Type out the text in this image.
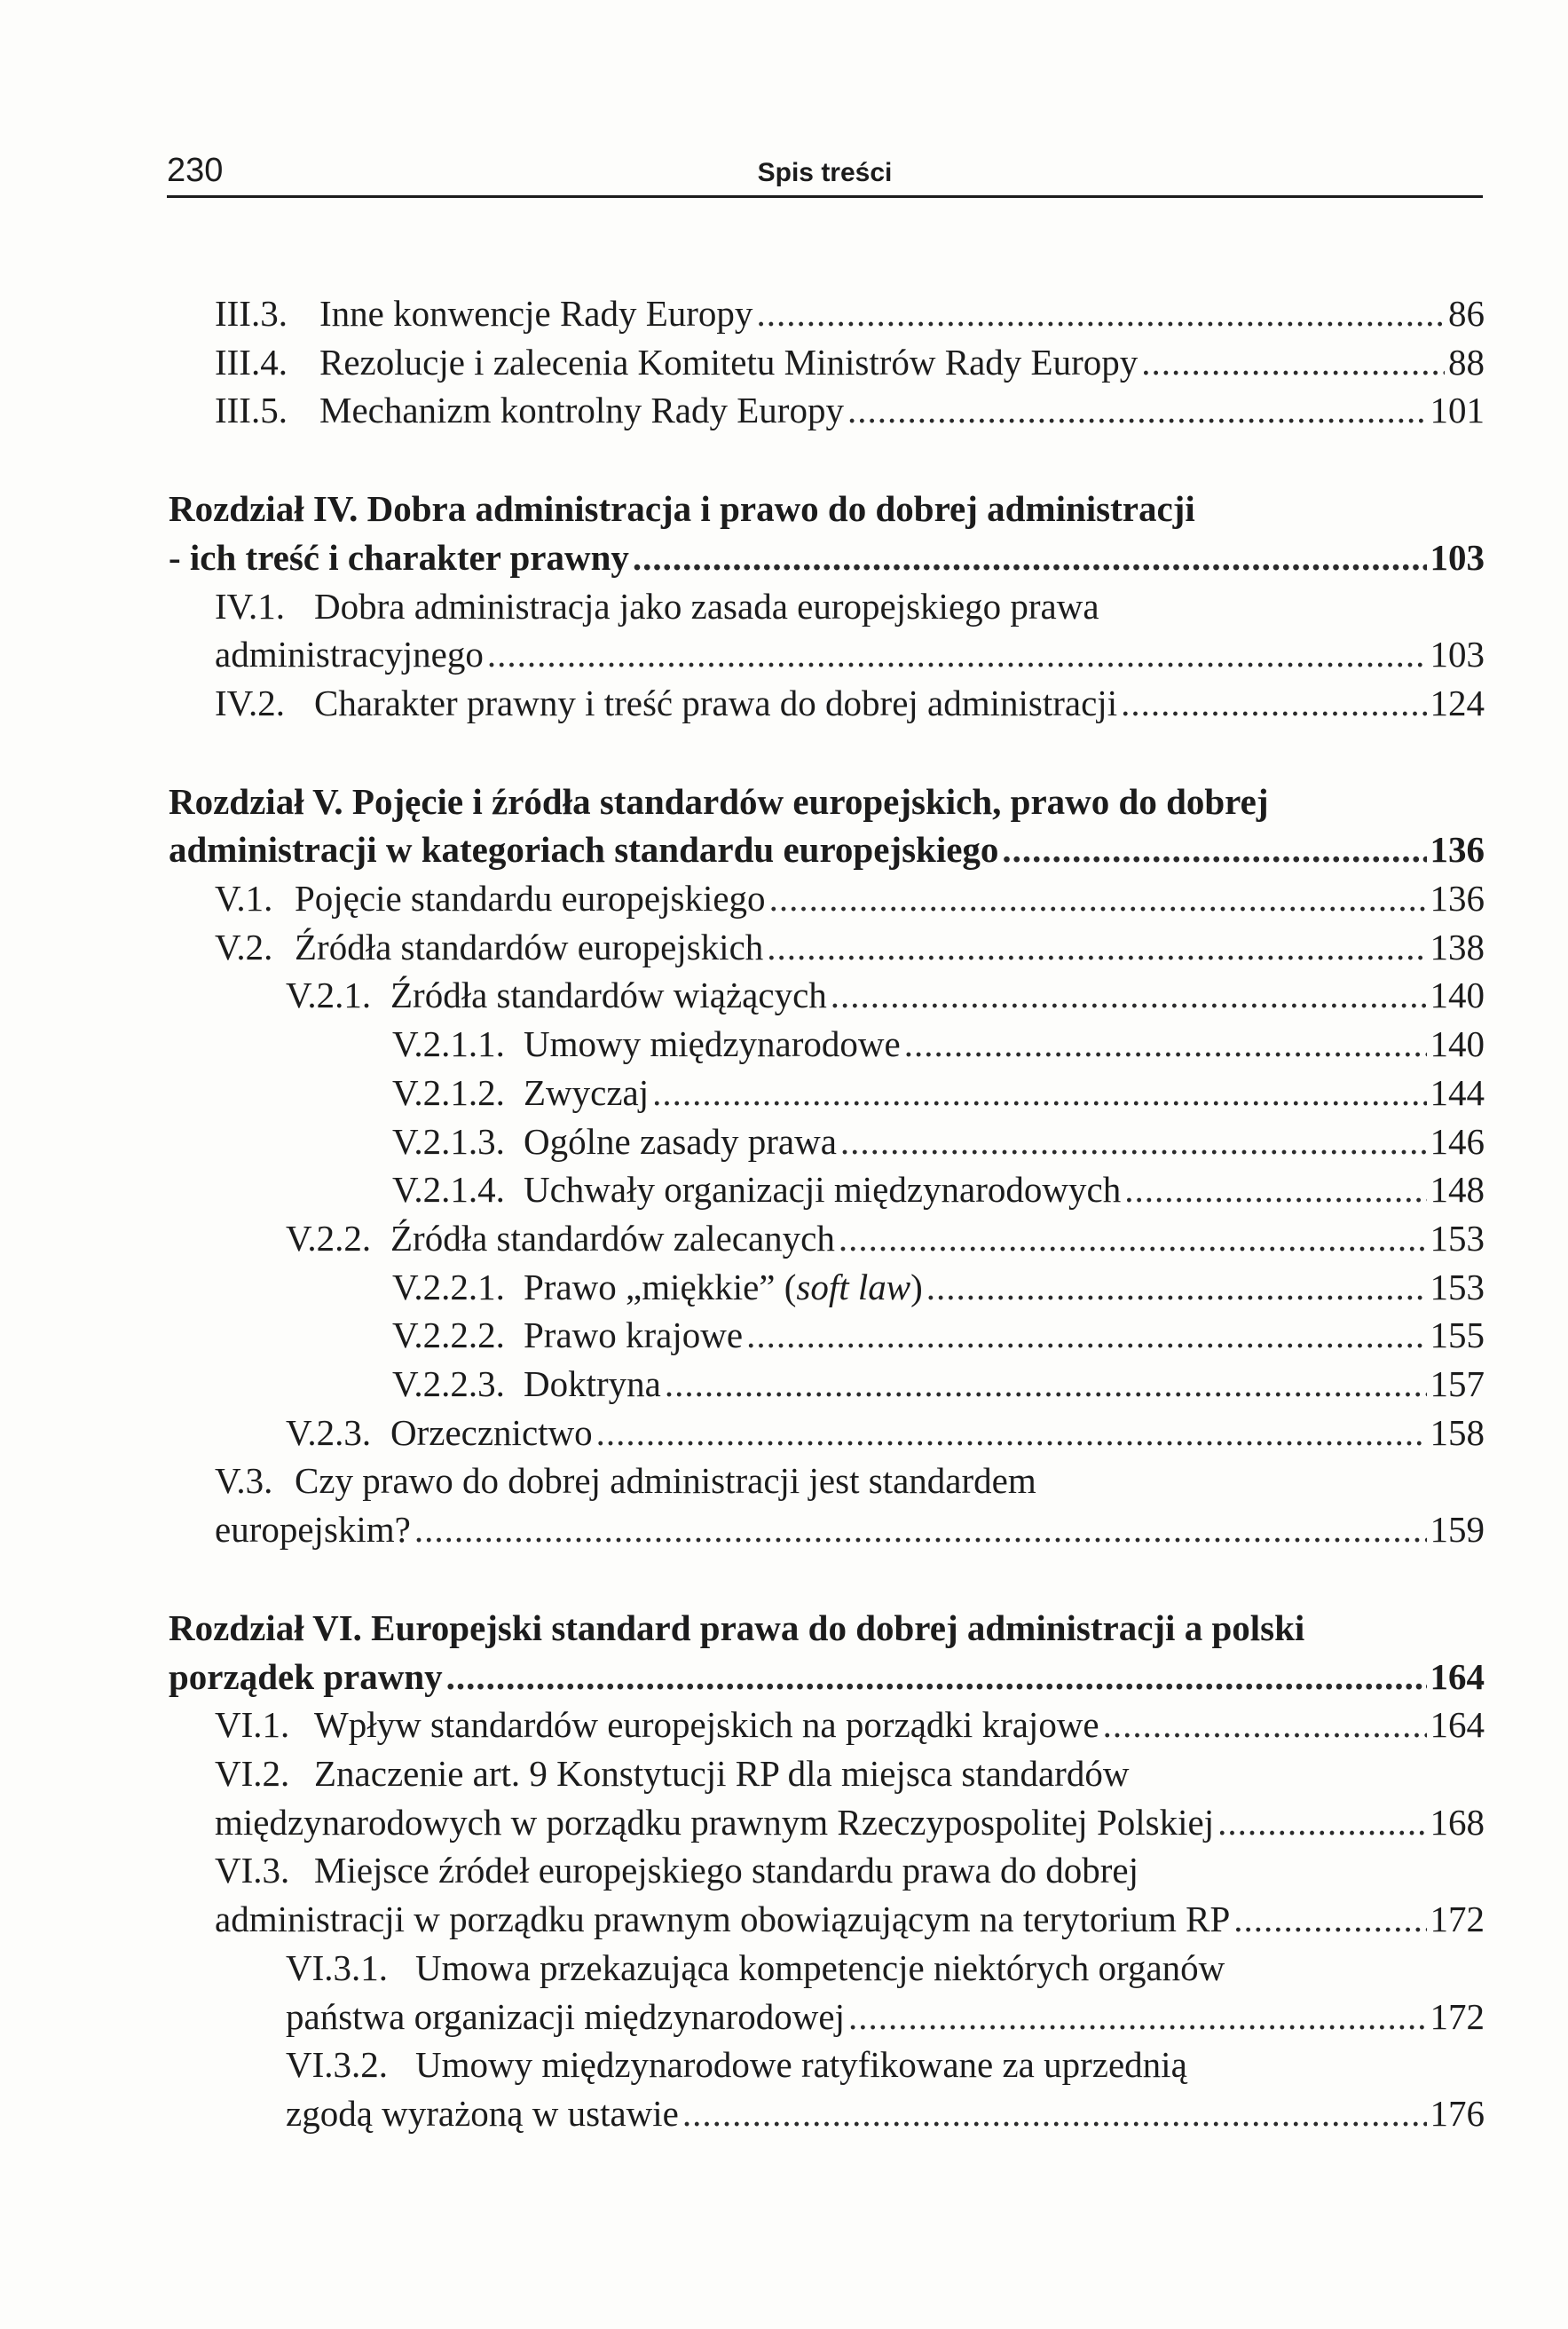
230	Spis treści
III.3. Inne konwencje Rady Europy .....	86
III.4. Rezolucje i zalecenia Komitetu Ministrów Rady Europy .....	88
III.5. Mechanizm kontrolny Rady Europy .....	101
Rozdział IV. Dobra administracja i prawo do dobrej administracji
- ich treść i charakter prawny .....	103
IV.1. Dobra administracja jako zasada europejskiego prawa
administracyjnego .....	103
IV.2. Charakter prawny i treść prawa do dobrej administracji .....	124
Rozdział V. Pojęcie i źródła standardów europejskich, prawo do dobrej
administracji w kategoriach standardu europejskiego .....	136
V.1. Pojęcie standardu europejskiego .....	136
V.2. Źródła standardów europejskich .....	138
V.2.1. Źródła standardów wiążących .....	140
V.2.1.1. Umowy międzynarodowe .....	140
V.2.1.2. Zwyczaj .....	144
V.2.1.3. Ogólne zasady prawa .....	146
V.2.1.4. Uchwały organizacji międzynarodowych .....	148
V.2.2. Źródła standardów zalecanych .....	153
V.2.2.1. Prawo „miękkie” (soft law) .....	153
V.2.2.2. Prawo krajowe .....	155
V.2.2.3. Doktryna .....	157
V.2.3. Orzecznictwo .....	158
V.3. Czy prawo do dobrej administracji jest standardem
europejskim? .....	159
Rozdział VI. Europejski standard prawa do dobrej administracji a polski
porządek prawny .....	164
VI.1. Wpływ standardów europejskich na porządki krajowe .....	164
VI.2. Znaczenie art. 9 Konstytucji RP dla miejsca standardów
międzynarodowych w porządku prawnym Rzeczypospolitej Polskiej .....	168
VI.3. Miejsce źródeł europejskiego standardu prawa do dobrej
administracji w porządku prawnym obowiązującym na terytorium RP .....	172
VI.3.1. Umowa przekazująca kompetencje niektórych organów
państwa organizacji międzynarodowej .....	172
VI.3.2. Umowy międzynarodowe ratyfikowane za uprzednią
zgodą wyrażoną w ustawie .....	176
